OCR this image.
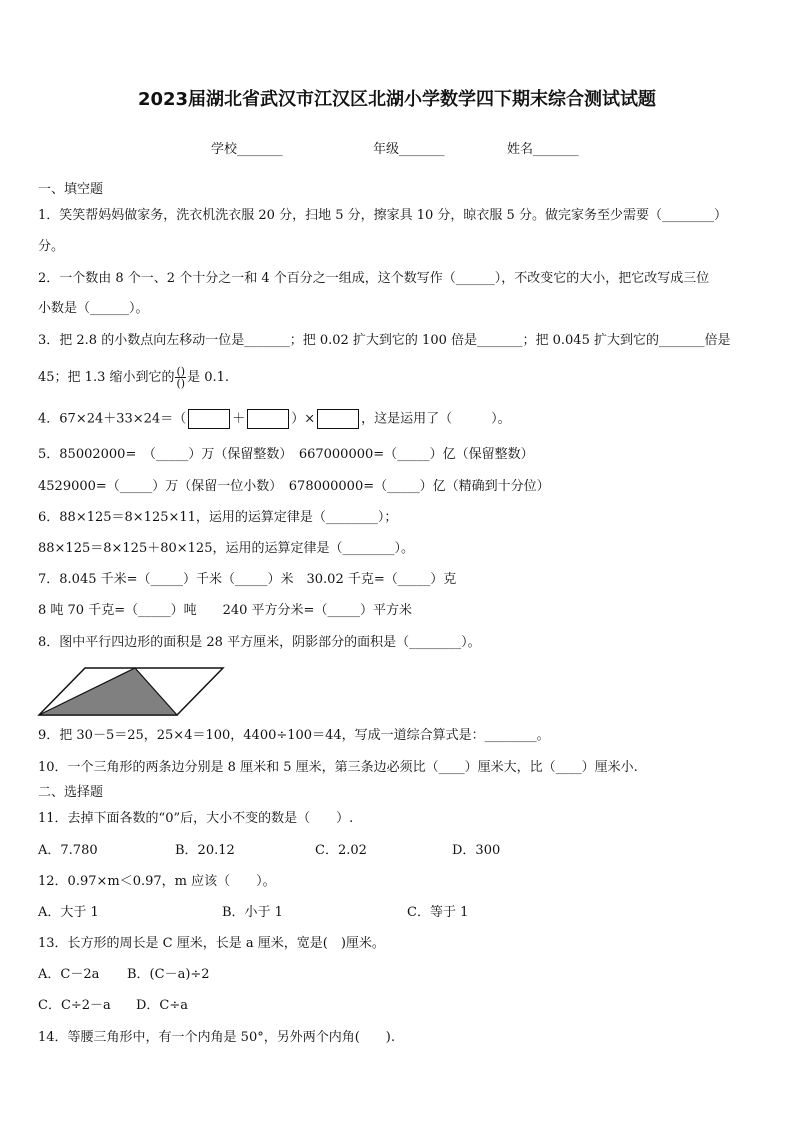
2023届湖北省武汉市江汉区北湖小学数学四下期末综合测试试题
学校_______	年级_______	姓名_______
一、填空题
1．笑笑帮妈妈做家务，洗衣机洗衣服 20 分，扫地 5 分，擦家具 10 分，晾衣服 5 分。做完家务至少需要（________）
分。
2．一个数由 8 个一、2 个十分之一和 4 个百分之一组成，这个数写作（______），不改变它的大小，把它改写成三位
小数是（______）。
3．把 2.8 的小数点向左移动一位是_______；把 0.02 扩大到它的 100 倍是_______；把 0.045 扩大到它的_______倍是
45；把 1.3 缩小到它的 $\frac{()}{()}$ 是 0.1.
4．67×24＋33×24＝（	＋	）×	，这是运用了（　　　）。
5．85002000=　（_____）万（保留整数）　667000000=（_____）亿（保留整数）
4529000=（_____）万（保留一位小数）　678000000=（_____）亿（精确到十分位）
6．88×125＝8×125×11，运用的运算定律是（________）；
88×125＝8×125＋80×125，运用的运算定律是（________）。
7．8.045 千米=（_____）千米（_____）米　30.02 千克=（_____）克
8 吨 70 千克=（_____）吨　　240 平方分米=（_____）平方米
8．图中平行四边形的面积是 28 平方厘米，阴影部分的面积是（________）。
9．把 30－5＝25，25×4＝100，4400÷100＝44，写成一道综合算式是：________。
10．一个三角形的两条边分别是 8 厘米和 5 厘米，第三条边必须比（____）厘米大，比（____）厘米小.
二、选择题
11．去掉下面各数的“0”后，大小不变的数是（　　）.
A．7.780	B．20.12	C．2.02	D．300
12．0.97×m＜0.97，m 应该（　　）。
A．大于 1	B．小于 1	C．等于 1
13．长方形的周长是 C 厘米，长是 a 厘米，宽是(　)厘米。
A．C－2a B．(C－a)÷2
C．C÷2－a D．C÷a
14．等腰三角形中，有一个内角是 50°，另外两个内角(　　).
